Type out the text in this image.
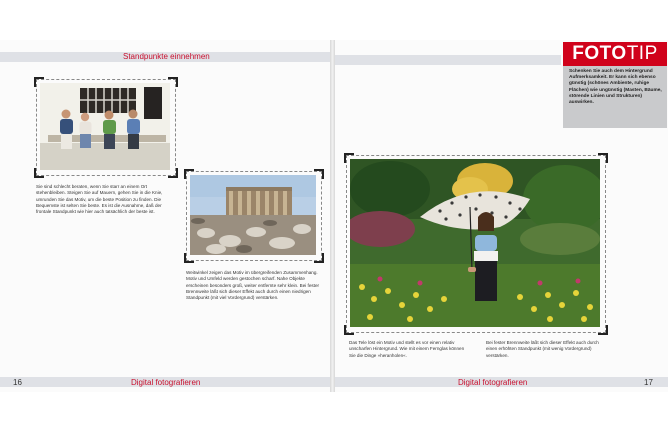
Standpunkte einnehmen
Sie sind schlecht beraten, wenn Sie starr an einem Ort stehenbleiben. Steigen Sie auf Mauern, gehen Sie in die Knie, umrunden Sie das Motiv, um die beste Position zu finden. Die Bequemste ist selten Sie beste. Es ist die Ausnahme, daß der frontale Standpunkt wie hier auch tatsächlich der beste ist.
Weitwinkel zeigen das Motiv im übergreifenden Zusammenhang. Motiv und Umfeld werden gestochen scharf. Nahe Objekte erscheinen besonders groß, weiter entfernte sehr klein. Bei fester Brennweite läßt sich dieser Effekt auch durch einen niedrigen Standpunkt (mit viel Vordergrund) verstärken.
16	Digital fotografieren
FOTOTIP
Schenken Sie auch dem Hintergrund Aufmerksamkeit. Er kann sich ebenso günstig (schönes Ambiente, ruhige Flächen) wie ungünstig (Masten, Bäume, störende Linien und Strukturen) auswirken.
Das Tele löst ein Motiv und stellt es vor einen relativ unscharfen Hintergrund. Wie mit einem Fernglas können Sie die Dinge »heranholen«.
Bei fester Brennweite läßt sich dieser Effekt auch durch einen erhöhten Standpunkt (mit wenig Vordergrund) verstärken.
Digital fotografieren	17
